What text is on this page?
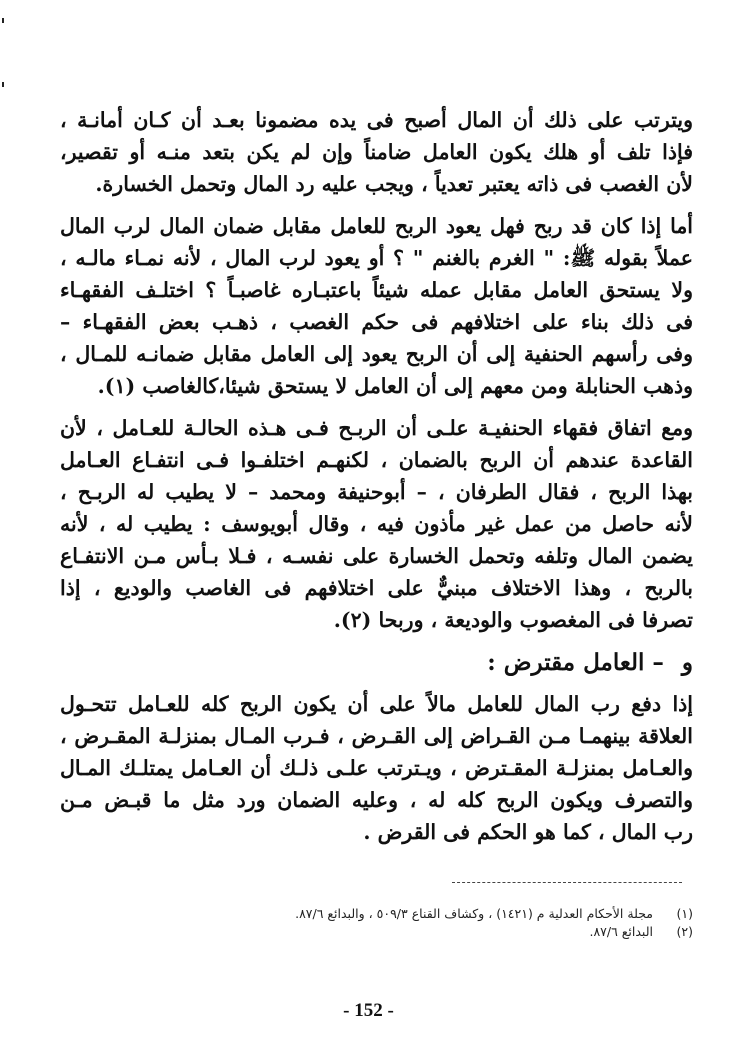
ويترتب على ذلك أن المال أصبح فى يده مضمونا بعـد أن كـان أمانـة ،
فإذا تلف أو هلك يكون العامل ضامناً وإن لم يكن بتعد منـه أو تقصير،
لأن الغصب فى ذاته يعتبر تعدياً ، ويجب عليه رد المال وتحمل الخسارة.
أما إذا كان قد ربح فهل يعود الربح للعامل مقابل ضمان المال لرب المال
عملاً بقوله ﷺ: " الغرم بالغنم " ؟ أو يعود لرب المال ، لأنه نمـاء مالـه ،
ولا يستحق العامل مقابل عمله شيئاً باعتبـاره غاصبـاً ؟ اختلـف الفقهـاء
فى ذلك بناء على اختلافهم فى حكم الغصب ، ذهـب بعض الفقهـاء –
وفى رأسهم الحنفية إلى أن الربح يعود إلى العامل مقابل ضمانـه للمـال ،
وذهب الحنابلة ومن معهم إلى أن العامل لا يستحق شيئا،كالغاصب (١).
ومع اتفاق فقهاء الحنفيـة علـى أن الربـح فـى هـذه الحالـة للعـامل ، لأن
القاعدة عندهم أن الربح بالضمان ، لكنهـم اختلفـوا فـى انتفـاع العـامل
بهذا الربح ، فقال الطرفان ، – أبوحنيفة ومحمد – لا يطيب له الربـح ،
لأنه حاصل من عمل غير مأذون فيه ، وقال أبويوسف : يطيب له ، لأنه
يضمن المال وتلفه وتحمل الخسارة على نفسـه ، فـلا بـأس مـن الانتفـاع
بالربح ، وهذا الاختلاف مبنيٌّ على اختلافهم فى الغاصب والوديع ، إذا
تصرفا فى المغصوب والوديعة ، وربحا (٢).
و – العامل مقترض :
إذا دفع رب المال للعامل مالاً على أن يكون الربح كله للعـامل تتحـول
العلاقة بينهمـا مـن القـراض إلى القـرض ، فـرب المـال بمنزلـة المقـرض ،
والعـامل بمنزلـة المقـترض ، ويـترتب علـى ذلـك أن العـامل يمتلـك المـال
والتصرف ويكون الربح كله له ، وعليه الضمان ورد مثل ما قبـض مـن
رب المال ، كما هو الحكم فى القرض .
(١)
مجلة الأحكام العدلية م (١٤٢١) ، وكشاف القناع ٥٠٩/٣ ، والبدائع ٨٧/٦.
(٢)
البدائع ٨٧/٦.
- 152 -
